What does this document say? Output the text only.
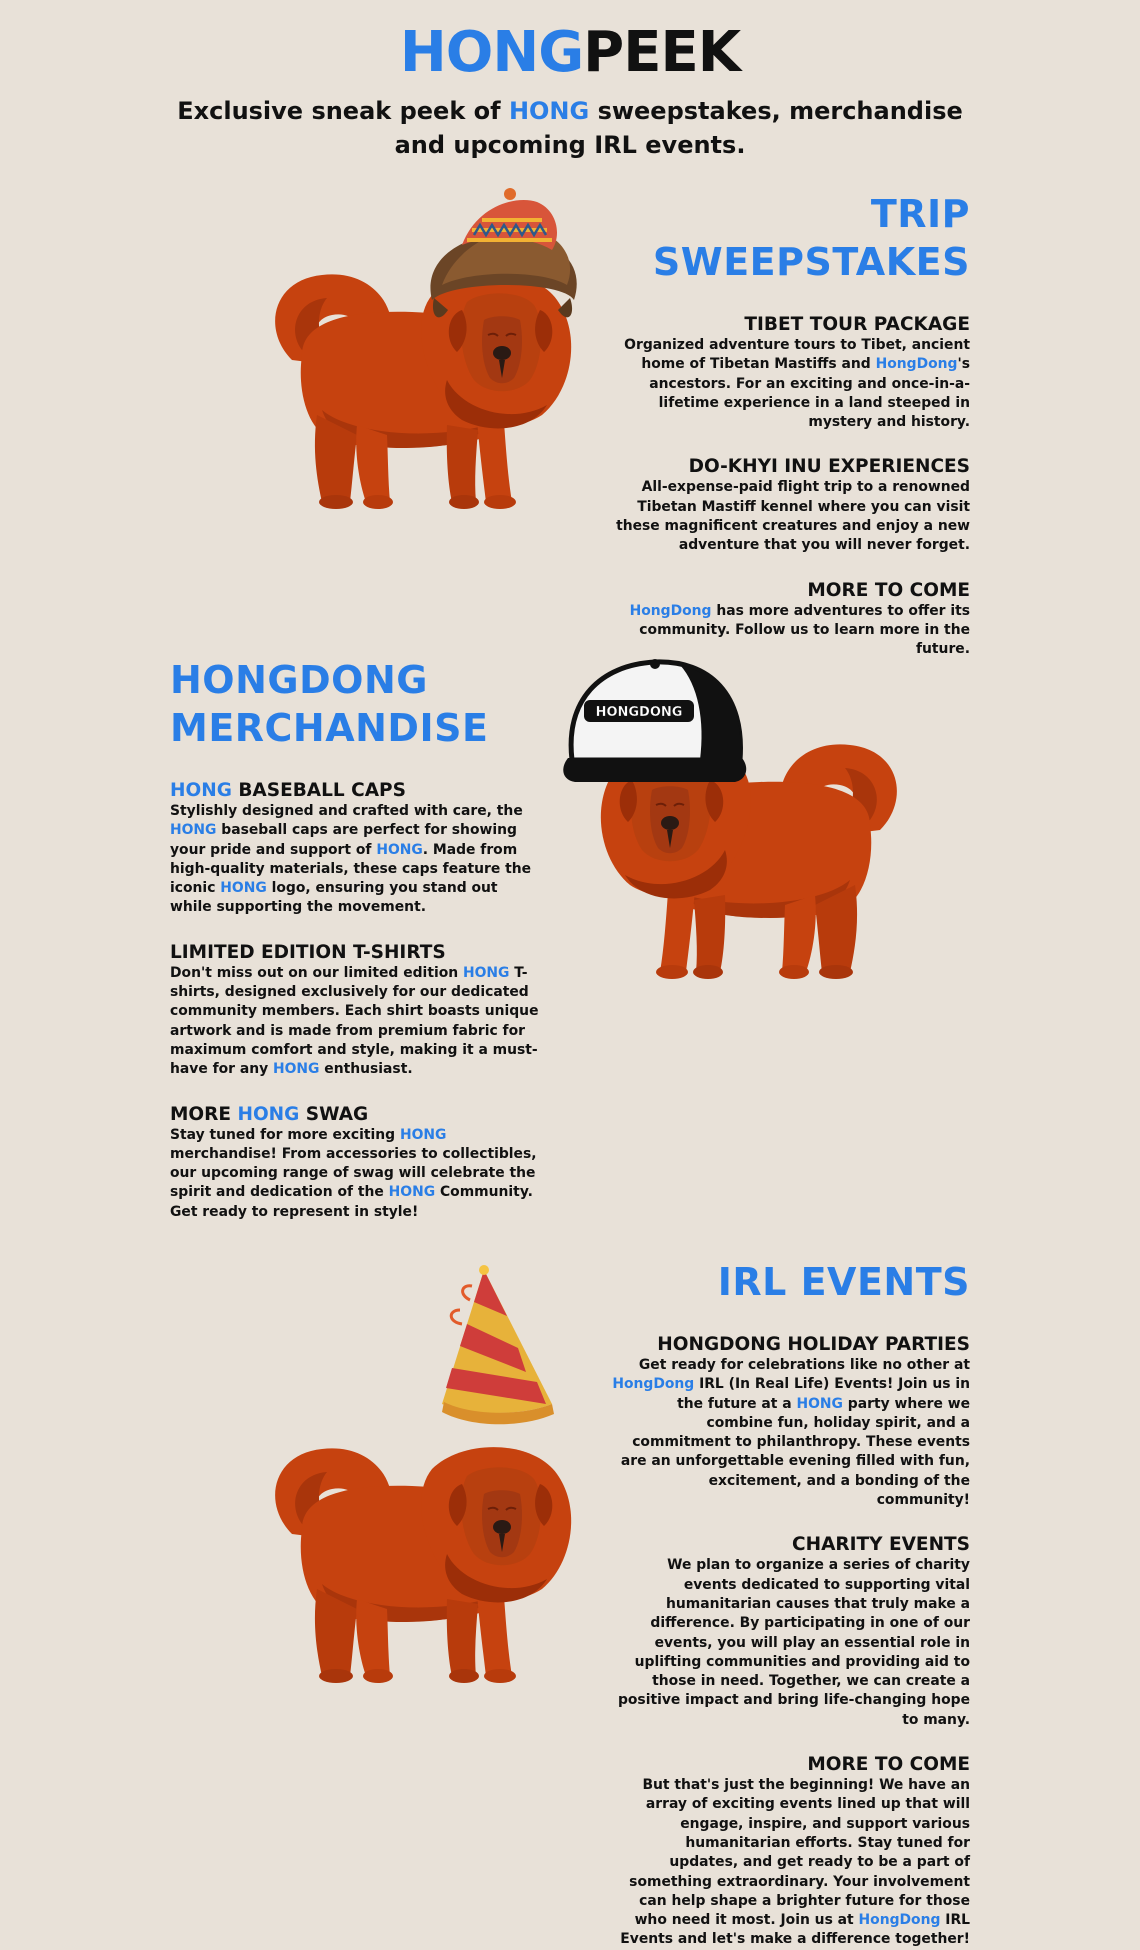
HONGPEEK

Exclusive sneak peek of HONG sweepstakes, merchandise and upcoming IRL events.

TRIP
SWEEPSTAKES
TIBET TOUR PACKAGE

Organized adventure tours to Tibet, ancient home of Tibetan Mastiffs and HongDong's ancestors. For an exciting and once-in-a-lifetime experience in a land steeped in mystery and history.

DO-KHYI INU EXPERIENCES

All-expense-paid flight trip to a renowned Tibetan Mastiff kennel where you can visit these magnificent creatures and enjoy a new adventure that you will never forget.

MORE TO COME

HongDong has more adventures to offer its community. Follow us to learn more in the future.

HONGDONG
MERCHANDISE
HONG BASEBALL CAPS

Stylishly designed and crafted with care, the HONG baseball caps are perfect for showing your pride and support of HONG. Made from high-quality materials, these caps feature the iconic HONG logo, ensuring you stand out while supporting the movement.

LIMITED EDITION T-SHIRTS

Don't miss out on our limited edition HONG T-shirts, designed exclusively for our dedicated community members. Each shirt boasts unique artwork and is made from premium fabric for maximum comfort and style, making it a must-have for any HONG enthusiast.

MORE HONG SWAG

Stay tuned for more exciting HONG merchandise! From accessories to collectibles, our upcoming range of swag will celebrate the spirit and dedication of the HONG Community. Get ready to represent in style!

HONGDONG
IRL EVENTS
HONGDONG HOLIDAY PARTIES

Get ready for celebrations like no other at HongDong IRL (In Real Life) Events! Join us in the future at a HONG party where we combine fun, holiday spirit, and a commitment to philanthropy. These events are an unforgettable evening filled with fun, excitement, and a bonding of the community!

CHARITY EVENTS

We plan to organize a series of charity events dedicated to supporting vital humanitarian causes that truly make a difference. By participating in one of our events, you will play an essential role in uplifting communities and providing aid to those in need. Together, we can create a positive impact and bring life-changing hope to many.

MORE TO COME

But that's just the beginning! We have an array of exciting events lined up that will engage, inspire, and support various humanitarian efforts. Stay tuned for updates, and get ready to be a part of something extraordinary. Your involvement can help shape a brighter future for those who need it most. Join us at HongDong IRL Events and let's make a difference together!
